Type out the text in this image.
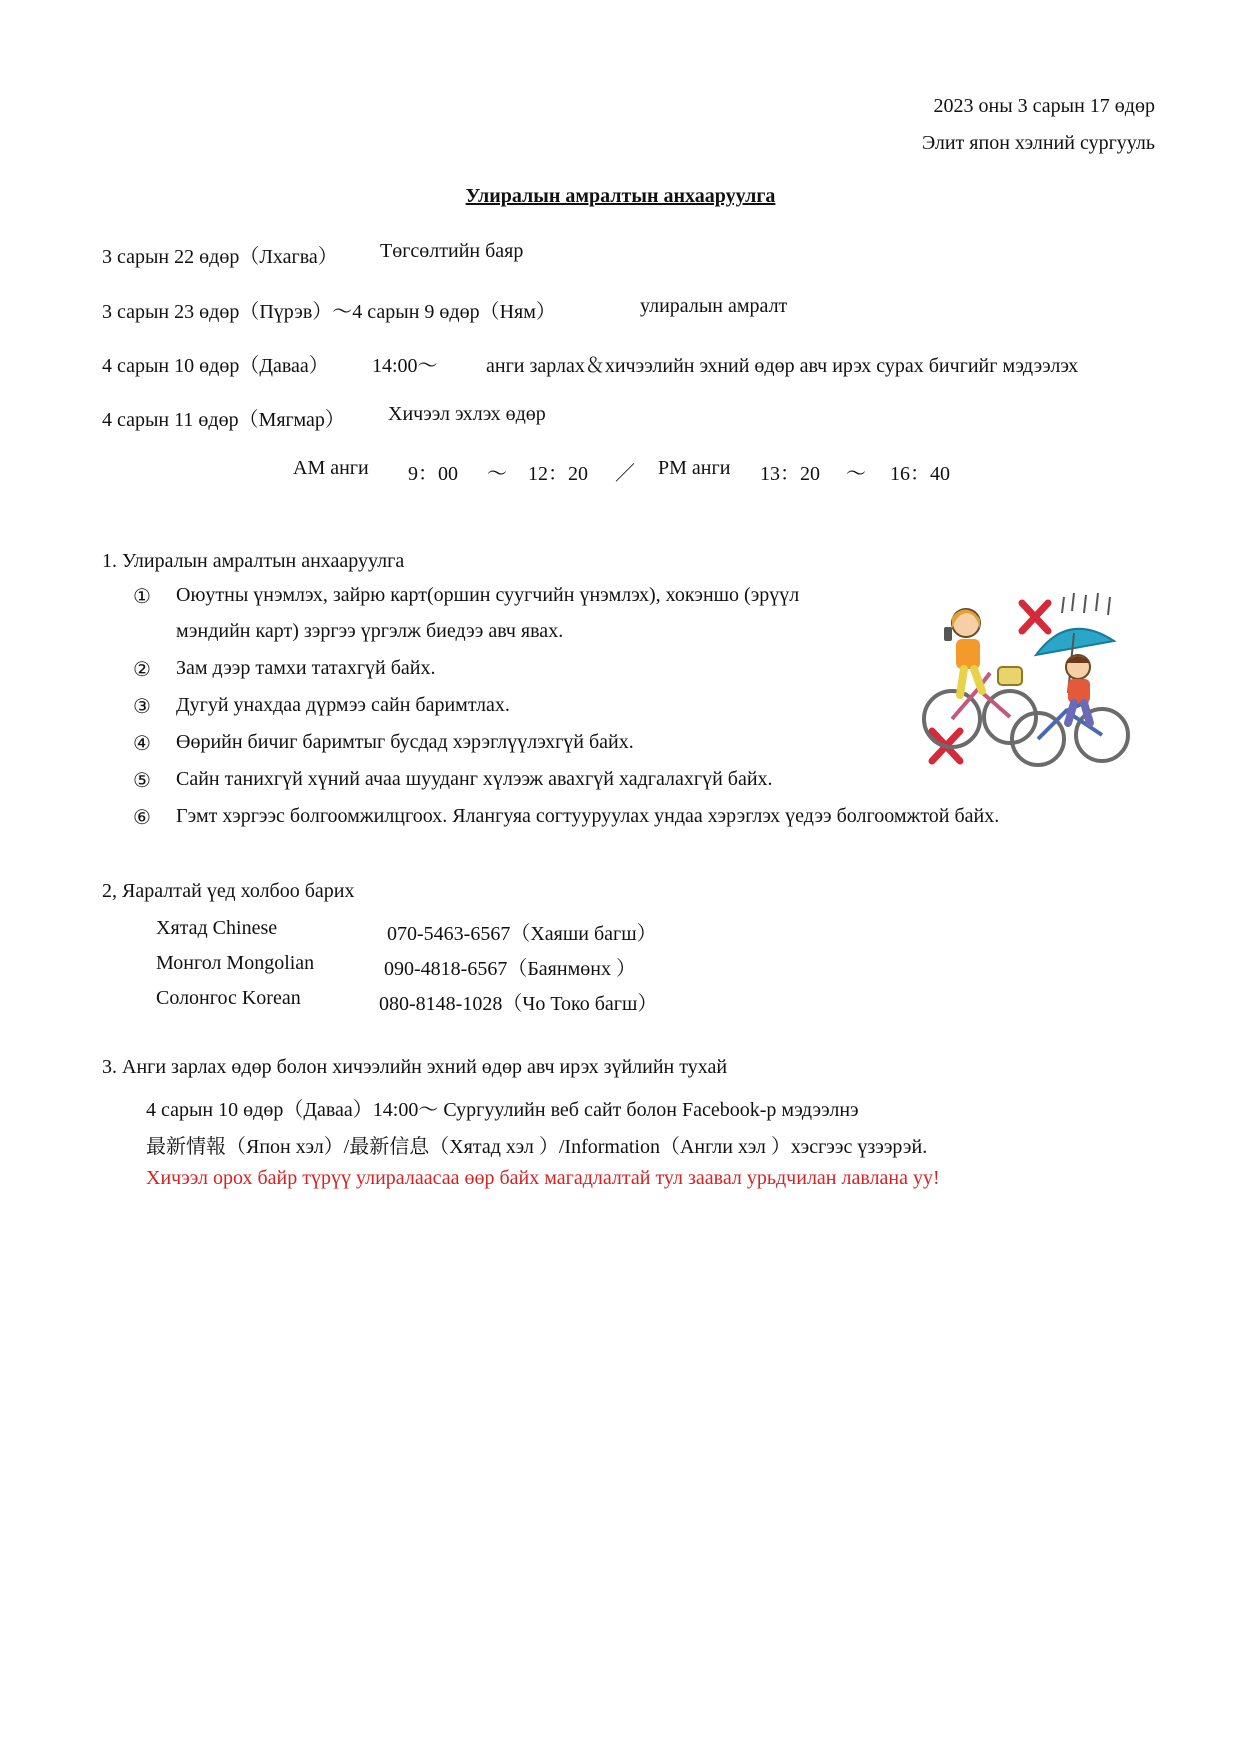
2023 оны 3 сарын 17 өдөр
Элит япон хэлний сургууль
Улиралын амралтын анхааруулга
3 сарын 22 өдөр（Лхагва） Төгсөлтийн баяр
3 сарын 23 өдөр（Пүрэв）～4 сарын 9 өдөр（Ням）	улиралын амралт
4 сарын 10 өдөр（Даваа） 14:00～ анги зарлах＆хичээлийн эхний өдөр авч ирэх сурах бичгийг мэдээлэх
4 сарын 11 өдөр（Мягмар） Хичээл эхлэх өдөр
AM анги 9：00 ～ 12：20 ／ PM анги 13：20 ～ 16：40
1. Улиралын амралтын анхааруулга
① Оюутны үнэмлэх, зайрю карт(оршин суугчийн үнэмлэх), хокэншо (эрүүл
мэндийн карт) зэргээ үргэлж биедээ авч явах.
② Зам дээр тамхи татахгүй байх.
③ Дугуй унахдаа дүрмээ сайн баримтлах.
④ Өөрийн бичиг баримтыг бусдад хэрэглүүлэхгүй байх.
⑤ Сайн танихгүй хүний ачаа шууданг хүлээж авахгүй хадгалахгүй байх.
⑥ Гэмт хэргээс болгоомжилцгоох. Ялангуяа согтууруулах ундаа хэрэглэх үедээ болгоомжтой байх.
2, Яаралтай үед холбоо барих
Хятад Chinese	070-5463-6567（Хаяши багш）
Монгол Mongolian	090-4818-6567（Баянмөнх ）
Солонгос Korean	080-8148-1028（Чо Токо багш）
3. Анги зарлах өдөр болон хичээлийн эхний өдөр авч ирэх зүйлийн тухай
4 сарын 10 өдөр（Даваа）14:00～ Сургуулийн веб сайт болон Facebook-р мэдээлнэ
最新情報（Япон хэл）/最新信息（Хятад хэл ）/Information（Англи хэл ）хэсгээс үзээрэй.
Хичээл орох байр түрүү улиралаасаа өөр байх магадлалтай тул заавал урьдчилан лавлана уу!
